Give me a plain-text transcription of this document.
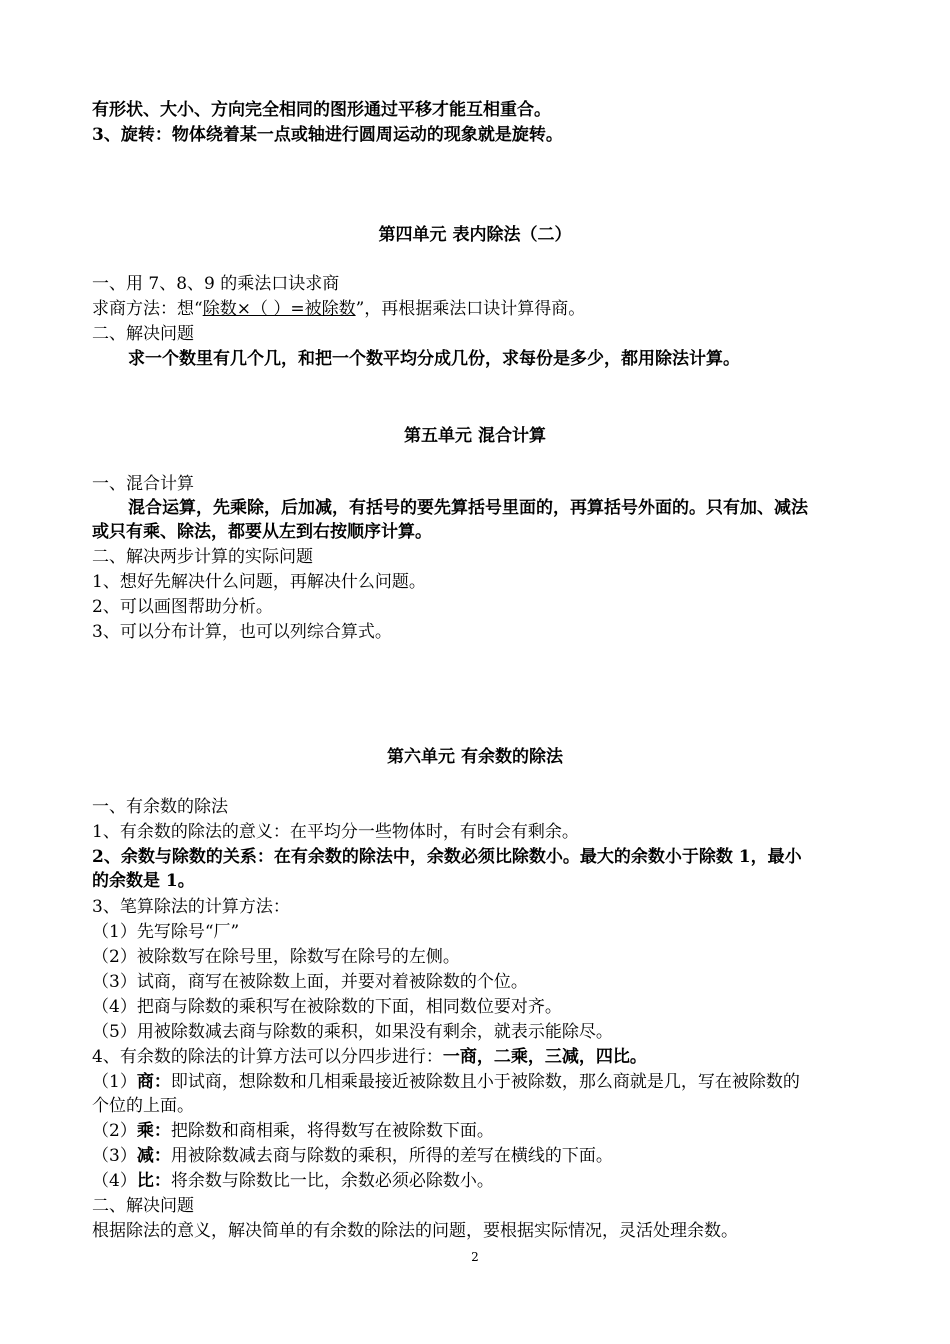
有形状、大小、方向完全相同的图形通过平移才能互相重合。
3、旋转：物体绕着某一点或轴进行圆周运动的现象就是旋转。
第四单元 表内除法（二）
一、用 7、8、9 的乘法口诀求商
求商方法：想“除数×（ ）=被除数”，再根据乘法口诀计算得商。
二、解决问题
求一个数里有几个几，和把一个数平均分成几份，求每份是多少，都用除法计算。
第五单元 混合计算
一、混合计算
混合运算，先乘除，后加减，有括号的要先算括号里面的，再算括号外面的。只有加、减法
或只有乘、除法，都要从左到右按顺序计算。
二、解决两步计算的实际问题
1、想好先解决什么问题，再解决什么问题。
2、可以画图帮助分析。
3、可以分布计算，也可以列综合算式。
第六单元 有余数的除法
一、有余数的除法
1、有余数的除法的意义：在平均分一些物体时，有时会有剩余。
2、余数与除数的关系：在有余数的除法中，余数必须比除数小。最大的余数小于除数 1，最小
的余数是 1。
3、笔算除法的计算方法：
（1）先写除号“厂”
（2）被除数写在除号里，除数写在除号的左侧。
（3）试商，商写在被除数上面，并要对着被除数的个位。
（4）把商与除数的乘积写在被除数的下面，相同数位要对齐。
（5）用被除数减去商与除数的乘积，如果没有剩余，就表示能除尽。
4、有余数的除法的计算方法可以分四步进行：一商，二乘，三减，四比。
（1）商：即试商，想除数和几相乘最接近被除数且小于被除数，那么商就是几，写在被除数的
个位的上面。
（2）乘：把除数和商相乘，将得数写在被除数下面。
（3）减：用被除数减去商与除数的乘积，所得的差写在横线的下面。
（4）比：将余数与除数比一比，余数必须必除数小。
二、解决问题
根据除法的意义，解决简单的有余数的除法的问题，要根据实际情况，灵活处理余数。
2
